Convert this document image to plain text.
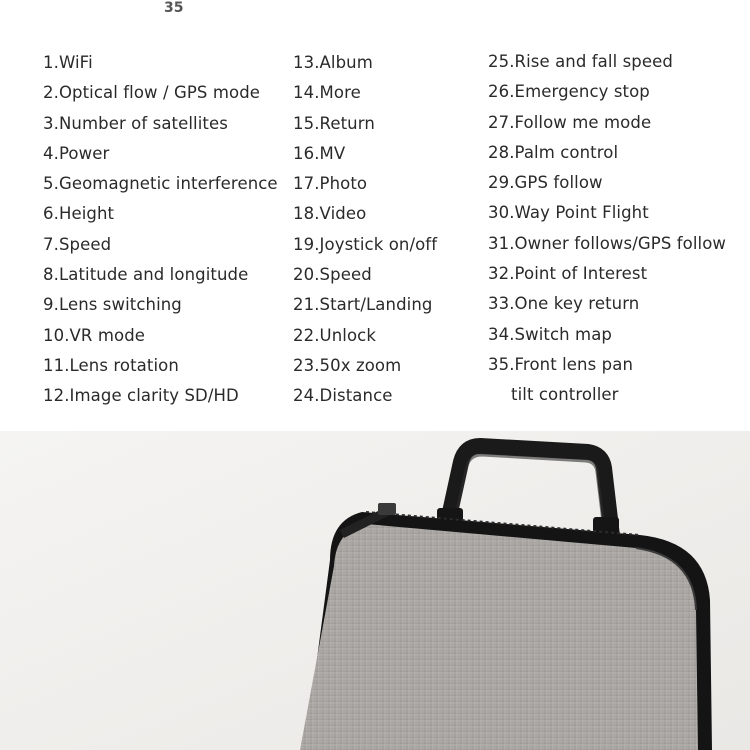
35
1.WiFi
2.Optical flow / GPS mode
3.Number of satellites
4.Power
5.Geomagnetic interference
6.Height
7.Speed
8.Latitude and longitude
9.Lens switching
10.VR mode
11.Lens rotation
12.Image clarity SD/HD
13.Album
14.More
15.Return
16.MV
17.Photo
18.Video
19.Joystick on/off
20.Speed
21.Start/Landing
22.Unlock
23.50x zoom
24.Distance
25.Rise and fall speed
26.Emergency stop
27.Follow me mode
28.Palm control
29.GPS follow
30.Way Point Flight
31.Owner follows/GPS follow
32.Point of Interest
33.One key return
34.Switch map
35.Front lens pan
tilt controller
